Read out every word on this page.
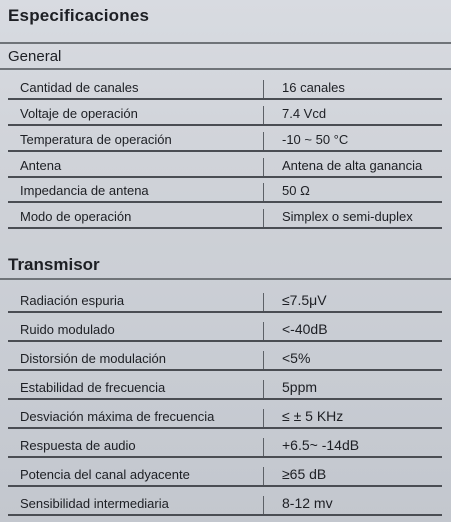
Especificaciones
General
Cantidad de canales	16 canales
Voltaje de operación	7.4 Vcd
Temperatura de operación	-10 ~ 50 °C
Antena	Antena de alta ganancia
Impedancia de antena	50 Ω
Modo de operación	Simplex o semi-duplex
Transmisor
Radiación espuria	≤7.5μV
Ruido modulado	<-40dB
Distorsión de modulación	<5%
Estabilidad de frecuencia	5ppm
Desviación máxima de frecuencia	≤ ± 5 KHz
Respuesta de audio	+6.5~ -14dB
Potencia del canal adyacente	≥65 dB
Sensibilidad intermediaria	8-12 mv
